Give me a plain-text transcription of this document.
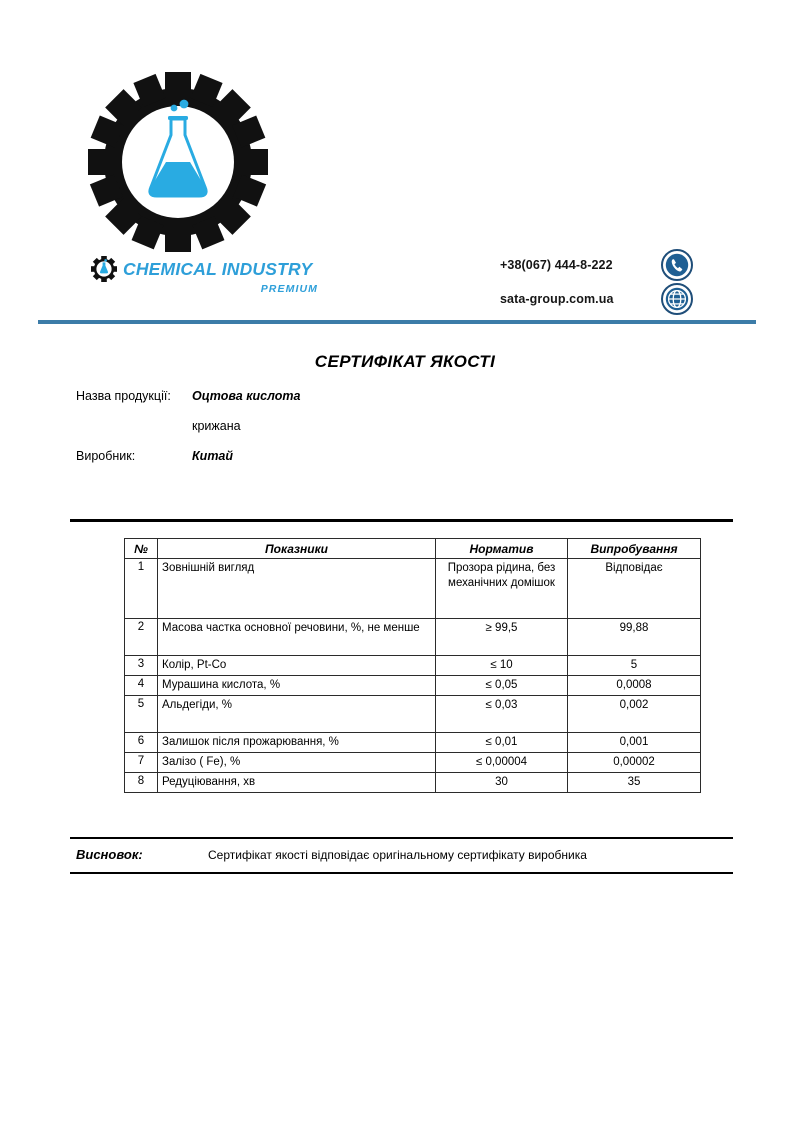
CHEMICAL INDUSTRY
PREMIUM
+38(067) 444-8-222
sata-group.com.ua
СЕРТИФІКАТ ЯКОСТІ
Назва продукції: Оцтова кислота
крижана
Виробник:	Китай
№	Показники	Норматив	Випробування
1	Зовнішній вигляд	Прозора рідина, без механічних домішок	Відповідає
2	Масова частка основної речовини, %, не менше	≥ 99,5	99,88
3	Колір, Pt-Co	≤ 10	5
4	Мурашина кислота, %	≤ 0,05	0,0008
5	Альдегіди, %	≤ 0,03	0,002
6	Залишок після прожарювання, %	≤ 0,01	0,001
7	Залізо ( Fe), %	≤ 0,00004	0,00002
8	Редуціювання, хв	30	35
Висновок:	Сертифікат якості відповідає оригінальному сертифікату виробника
